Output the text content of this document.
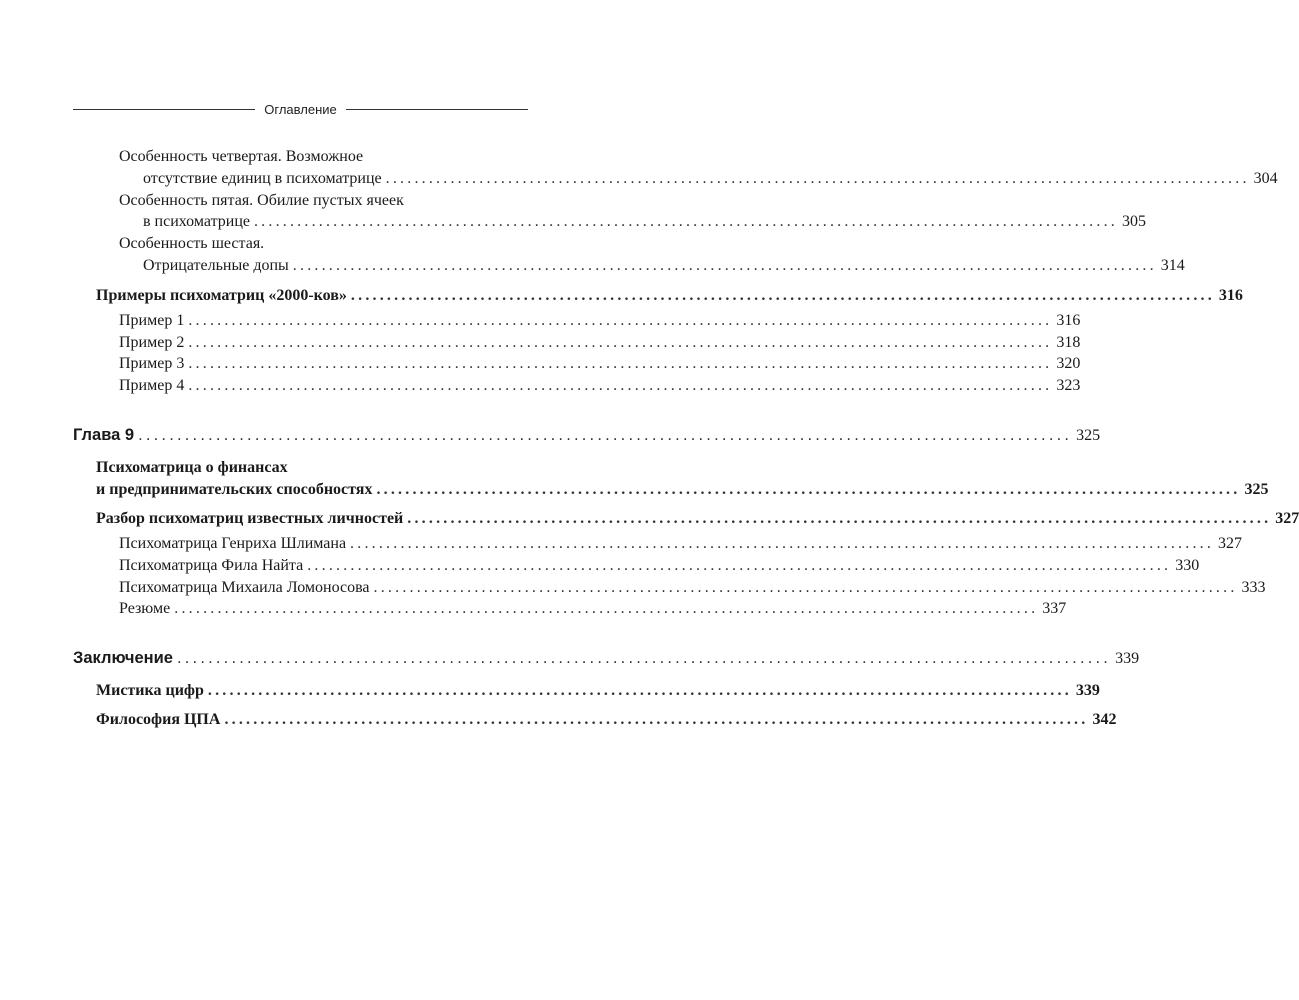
Оглавление
Особенность четвертая. Возможное
отсутствие единиц в психоматрице ........................................................................................................................ 304
Особенность пятая. Обилие пустых ячеек
в психоматрице ........................................................................................................................ 305
Особенность шестая.
Отрицательные допы ........................................................................................................................ 314
Примеры психоматриц «2000-ков» ........................................................................................................................ 316
Пример 1 ........................................................................................................................ 316
Пример 2 ........................................................................................................................ 318
Пример 3 ........................................................................................................................ 320
Пример 4 ........................................................................................................................ 323
Глава 9 ........................................................................................................................ 325
Психоматрица о финансах
и предпринимательских способностях ........................................................................................................................ 325
Разбор психоматриц известных личностей ........................................................................................................................ 327
Психоматрица Генриха Шлимана ........................................................................................................................ 327
Психоматрица Фила Найта ........................................................................................................................ 330
Психоматрица Михаила Ломоносова ........................................................................................................................ 333
Резюме ........................................................................................................................ 337
Заключение ........................................................................................................................ 339
Мистика цифр ........................................................................................................................ 339
Философия ЦПА ........................................................................................................................ 342
